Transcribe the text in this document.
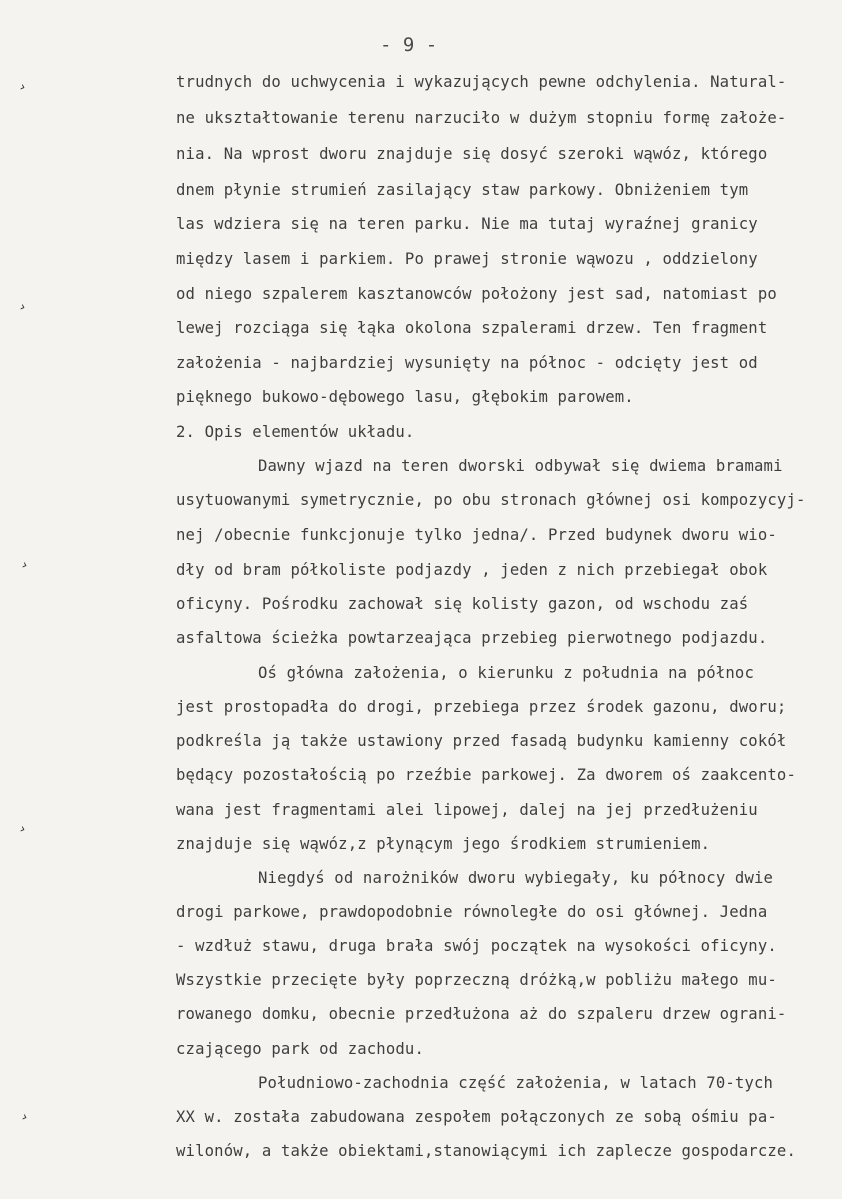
- 9 -
›
›
›
›
›
trudnych do uchwycenia i wykazujących pewne odchylenia. Natural-
ne ukształtowanie terenu narzuciło w dużym stopniu formę założe-
nia. Na wprost dworu znajduje się dosyć szeroki wąwóz, którego
dnem płynie strumień zasilający staw parkowy. Obniżeniem tym
las wdziera się na teren parku. Nie ma tutaj wyraźnej granicy
między lasem i parkiem. Po prawej stronie wąwozu , oddzielony
od niego szpalerem kasztanowców położony jest sad, natomiast po
lewej rozciąga się łąka okolona szpalerami drzew. Ten fragment
założenia - najbardziej wysunięty na północ - odcięty jest od
pięknego bukowo-dębowego lasu, głębokim parowem.
2. Opis elementów układu.
Dawny wjazd na teren dworski odbywał się dwiema bramami
usytuowanymi symetrycznie, po obu stronach głównej osi kompozycyj-
nej /obecnie funkcjonuje tylko jedna/. Przed budynek dworu wio-
dły od bram półkoliste podjazdy , jeden z nich przebiegał obok
oficyny. Pośrodku zachował się kolisty gazon, od wschodu zaś
asfaltowa ścieżka powtarzeająca przebieg pierwotnego podjazdu.
Oś główna założenia, o kierunku z południa na północ
jest prostopadła do drogi, przebiega przez środek gazonu, dworu;
podkreśla ją także ustawiony przed fasadą budynku kamienny cokół
będący pozostałością po rzeźbie parkowej. Za dworem oś zaakcento-
wana jest fragmentami alei lipowej, dalej na jej przedłużeniu
znajduje się wąwóz,z płynącym jego środkiem strumieniem.
Niegdyś od narożników dworu wybiegały, ku północy dwie
drogi parkowe, prawdopodobnie równoległe do osi głównej. Jedna
- wzdłuż stawu, druga brała swój początek na wysokości oficyny.
Wszystkie przecięte były poprzeczną dróżką,w pobliżu małego mu-
rowanego domku, obecnie przedłużona aż do szpaleru drzew ograni-
czającego park od zachodu.
Południowo-zachodnia część założenia, w latach 70-tych
XX w. została zabudowana zespołem połączonych ze sobą ośmiu pa-
wilonów, a także obiektami,stanowiącymi ich zaplecze gospodarcze.
